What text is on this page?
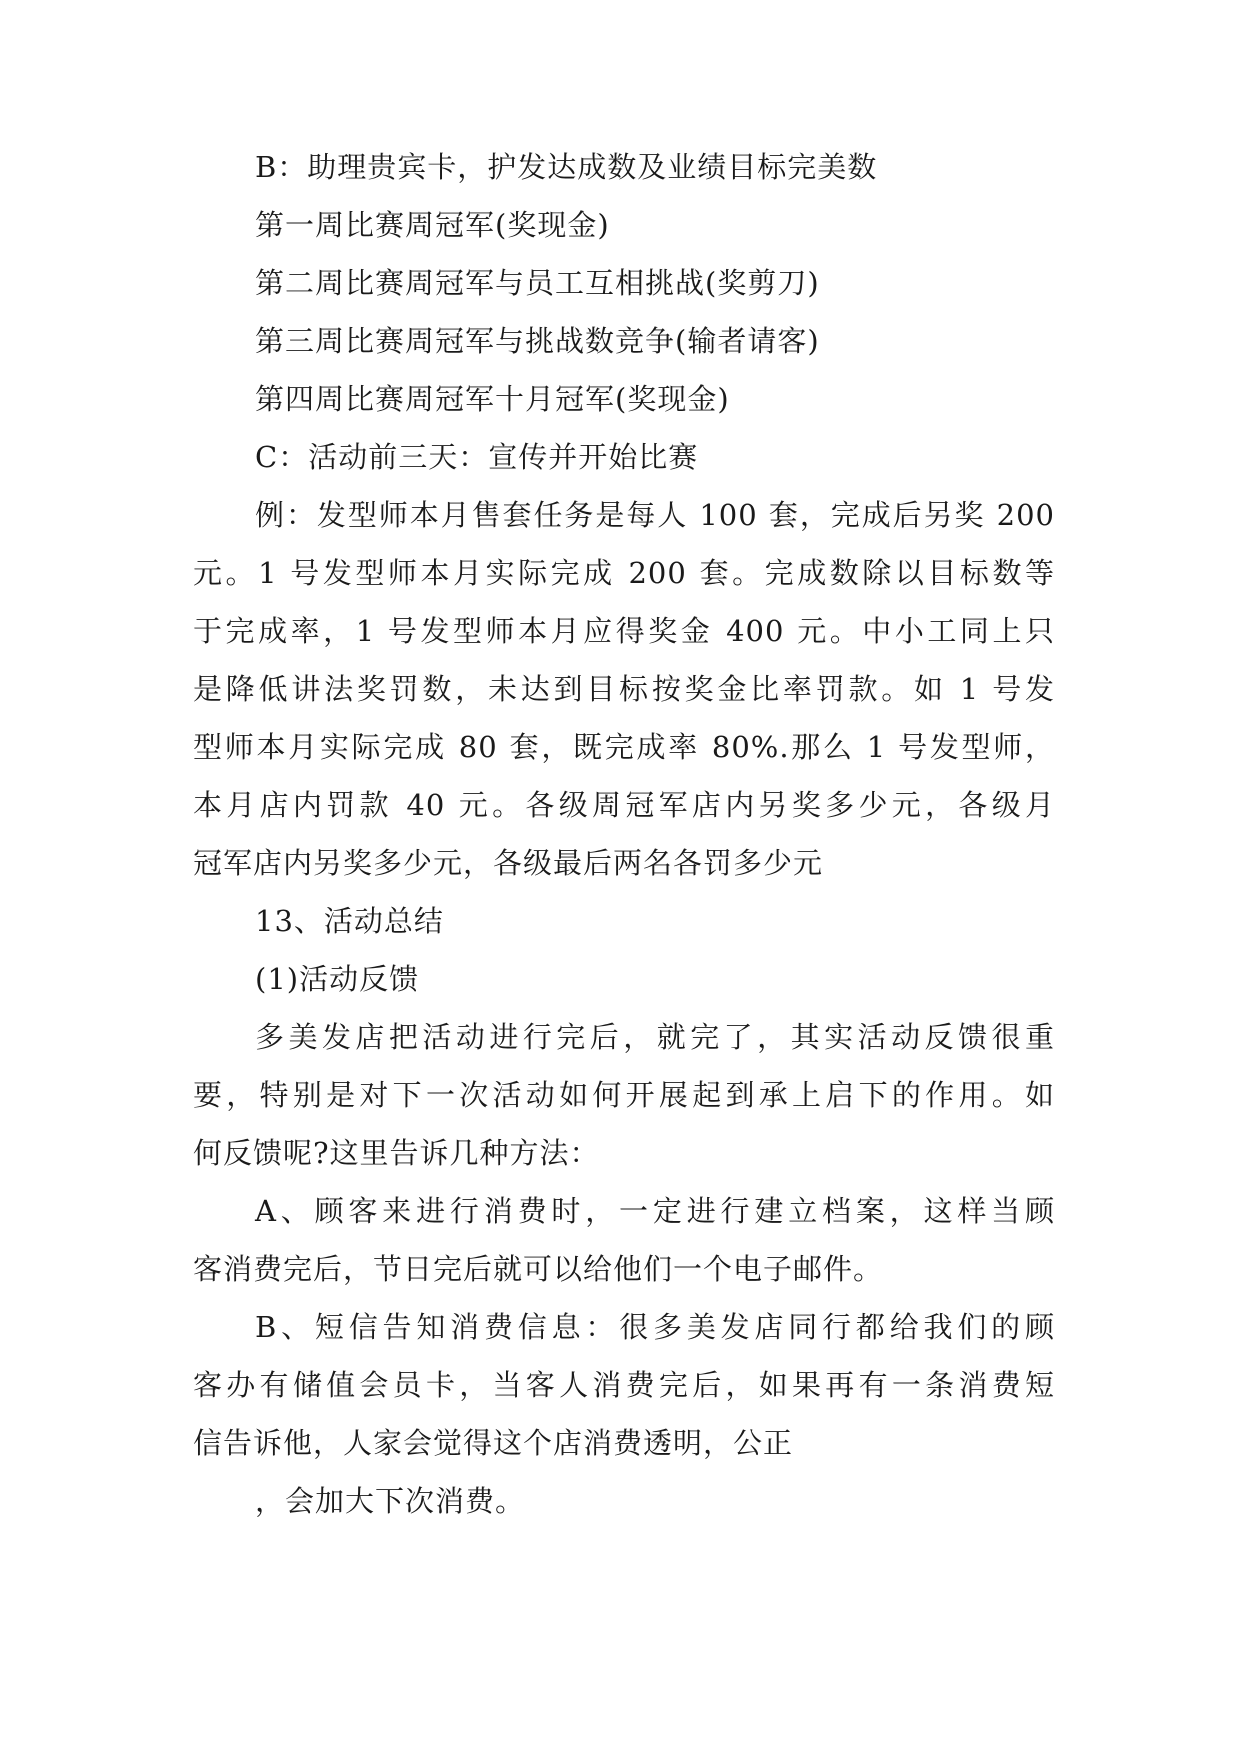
B：助理贵宾卡，护发达成数及业绩目标完美数
第一周比赛周冠军(奖现金)
第二周比赛周冠军与员工互相挑战(奖剪刀)
第三周比赛周冠军与挑战数竞争(输者请客)
第四周比赛周冠军十月冠军(奖现金)
C：活动前三天：宣传并开始比赛
例：发型师本月售套任务是每人 100 套，完成后另奖 200
元。1 号发型师本月实际完成 200 套。完成数除以目标数等
于完成率，1 号发型师本月应得奖金 400 元。中小工同上只
是降低讲法奖罚数，未达到目标按奖金比率罚款。如 1 号发
型师本月实际完成 80 套，既完成率 80%.那么 1 号发型师，
本月店内罚款 40 元。各级周冠军店内另奖多少元，各级月
冠军店内另奖多少元，各级最后两名各罚多少元
13、活动总结
(1)活动反馈
多美发店把活动进行完后，就完了，其实活动反馈很重
要，特别是对下一次活动如何开展起到承上启下的作用。如
何反馈呢?这里告诉几种方法：
A、顾客来进行消费时，一定进行建立档案，这样当顾
客消费完后，节日完后就可以给他们一个电子邮件。
B、短信告知消费信息：很多美发店同行都给我们的顾
客办有储值会员卡，当客人消费完后，如果再有一条消费短
信告诉他，人家会觉得这个店消费透明，公正
，会加大下次消费。
